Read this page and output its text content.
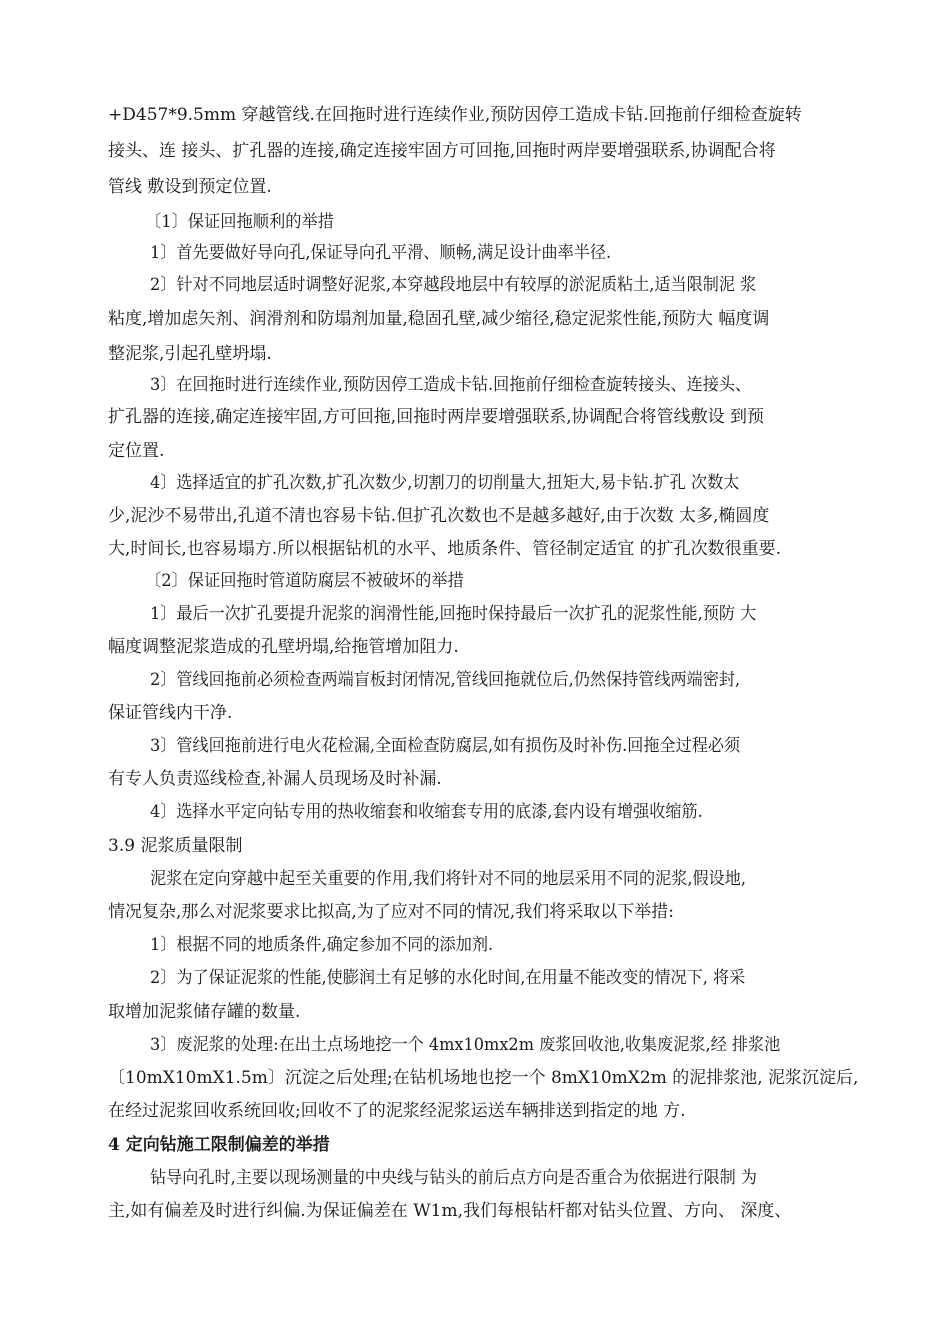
+D457*9.5mm 穿越管线.在回拖时进行连续作业,预防因停工造成卡钻.回拖前仔细检查旋转
接头、连 接头、扩孔器的连接,确定连接牢固方可回拖,回拖时两岸要增强联系,协调配合将
管线 敷设到预定位置.
〔1〕保证回拖顺利的举措
1〕首先要做好导向孔,保证导向孔平滑、顺畅,满足设计曲率半径.
2〕针对不同地层适时调整好泥浆,本穿越段地层中有较厚的淤泥质粘土,适当限制泥 浆
粘度,增加虑矢剂、润滑剂和防塌剂加量,稳固孔壁,减少缩径,稳定泥浆性能,预防大 幅度调
整泥浆,引起孔壁坍塌.
3〕在回拖时进行连续作业,预防因停工造成卡钻.回拖前仔细检查旋转接头、连接头、
扩孔器的连接,确定连接牢固,方可回拖,回拖时两岸要增强联系,协调配合将管线敷设 到预
定位置.
4〕选择适宜的扩孔次数,扩孔次数少,切割刀的切削量大,扭矩大,易卡钻.扩孔 次数太
少,泥沙不易带出,孔道不清也容易卡钻.但扩孔次数也不是越多越好,由于次数 太多,椭圆度
大,时间长,也容易塌方.所以根据钻机的水平、地质条件、管径制定适宜 的扩孔次数很重要.
〔2〕保证回拖时管道防腐层不被破坏的举措
1〕最后一次扩孔要提升泥浆的润滑性能,回拖时保持最后一次扩孔的泥浆性能,预防 大
幅度调整泥浆造成的孔壁坍塌,给拖管增加阻力.
2〕管线回拖前必须检查两端盲板封闭情况,管线回拖就位后,仍然保持管线两端密封,
保证管线内干净.
3〕管线回拖前进行电火花检漏,全面检查防腐层,如有损伤及时补伤.回拖全过程必须
有专人负责巡线检查,补漏人员现场及时补漏.
4〕选择水平定向钻专用的热收缩套和收缩套专用的底漆,套内设有增强收缩筋.
3.9 泥浆质量限制
泥浆在定向穿越中起至关重要的作用,我们将针对不同的地层采用不同的泥浆,假设地,
情况复杂,那么对泥浆要求比拟高,为了应对不同的情况,我们将采取以下举措:
1〕根据不同的地质条件,确定参加不同的添加剂.
2〕为了保证泥浆的性能,使膨润土有足够的水化时间,在用量不能改变的情况下, 将采
取增加泥浆储存罐的数量.
3〕废泥浆的处理:在出土点场地挖一个 4mx10mx2m 废浆回收池,收集废泥浆,经 排浆池
〔10mX10mX1.5m〕沉淀之后处理;在钻机场地也挖一个 8mX10mX2m 的泥排浆池, 泥浆沉淀后,
在经过泥浆回收系统回收;回收不了的泥浆经泥浆运送车辆排送到指定的地 方.
4 定向钻施工限制偏差的举措
钻导向孔时,主要以现场测量的中央线与钻头的前后点方向是否重合为依据进行限制 为
主,如有偏差及时进行纠偏.为保证偏差在 W1m,我们每根钻杆都对钻头位置、方向、 深度、
